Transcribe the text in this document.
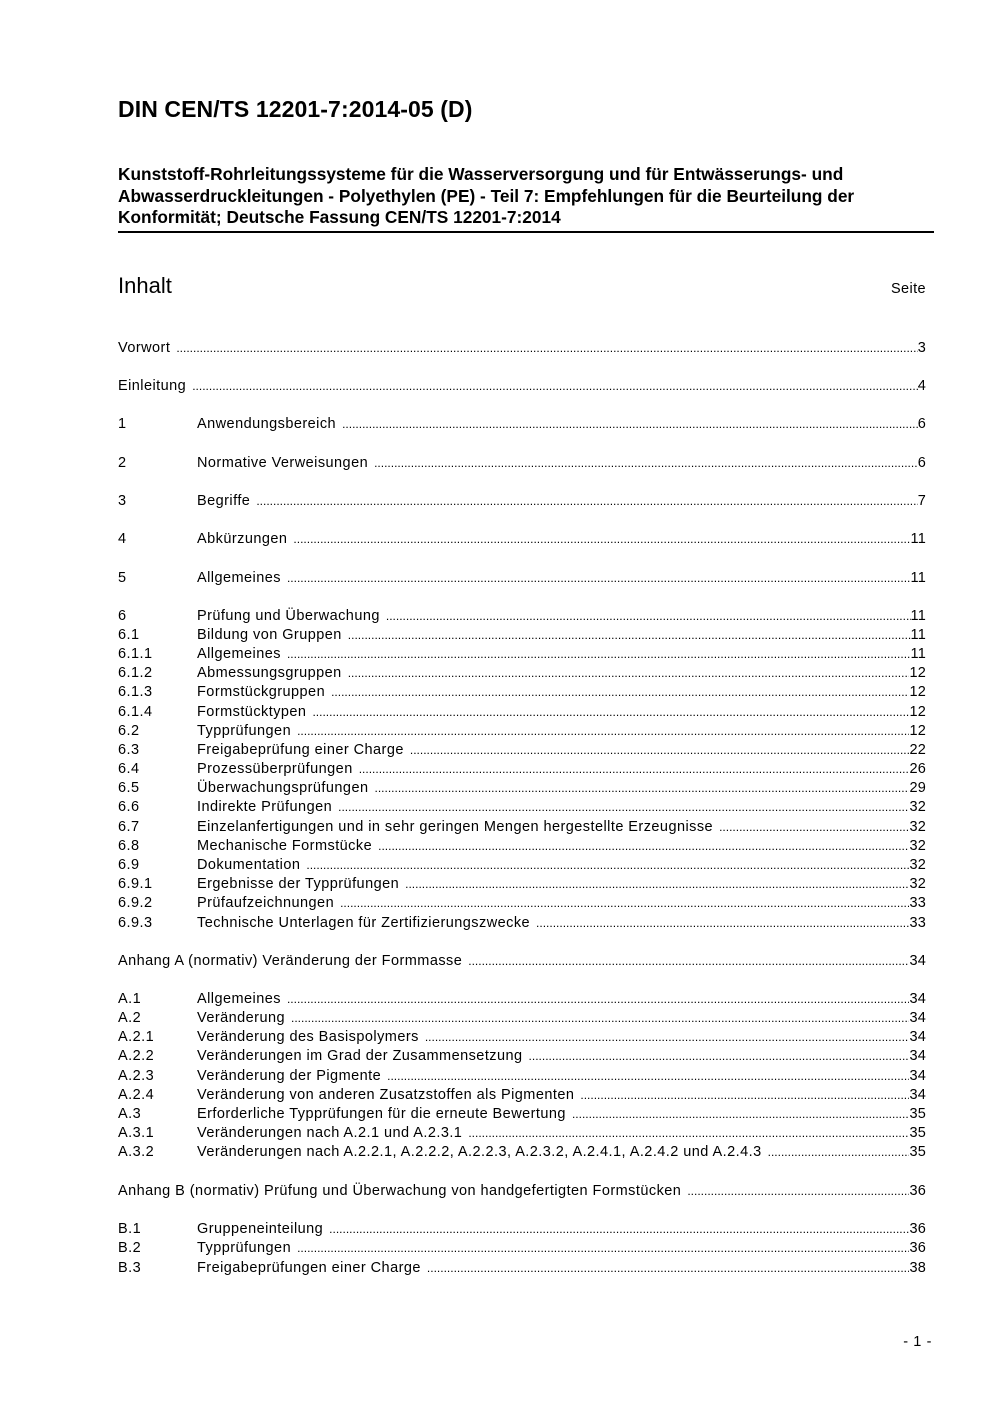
DIN CEN/TS 12201-7:2014-05 (D)
Kunststoff-Rohrleitungssysteme für die Wasserversorgung und für Entwässerungs- und Abwasserdruckleitungen - Polyethylen (PE) - Teil 7: Empfehlungen für die Beurteilung der Konformität; Deutsche Fassung CEN/TS 12201-7:2014
Inhalt	Seite
Vorwort .....	3
Einleitung .....	4
1	Anwendungsbereich .....	6
2	Normative Verweisungen .....	6
3	Begriffe .....	7
4	Abkürzungen .....	11
5	Allgemeines .....	11
6	Prüfung und Überwachung .....	11
6.1	Bildung von Gruppen .....	11
6.1.1	Allgemeines .....	11
6.1.2	Abmessungsgruppen .....	12
6.1.3	Formstückgruppen .....	12
6.1.4	Formstücktypen .....	12
6.2	Typprüfungen .....	12
6.3	Freigabeprüfung einer Charge .....	22
6.4	Prozessüberprüfungen .....	26
6.5	Überwachungsprüfungen .....	29
6.6	Indirekte Prüfungen .....	32
6.7	Einzelanfertigungen und in sehr geringen Mengen hergestellte Erzeugnisse .....	32
6.8	Mechanische Formstücke .....	32
6.9	Dokumentation .....	32
6.9.1	Ergebnisse der Typprüfungen .....	32
6.9.2	Prüfaufzeichnungen .....	33
6.9.3	Technische Unterlagen für Zertifizierungszwecke .....	33
Anhang A (normativ) Veränderung der Formmasse .....	34
A.1	Allgemeines .....	34
A.2	Veränderung .....	34
A.2.1	Veränderung des Basispolymers .....	34
A.2.2	Veränderungen im Grad der Zusammensetzung .....	34
A.2.3	Veränderung der Pigmente .....	34
A.2.4	Veränderung von anderen Zusatzstoffen als Pigmenten .....	34
A.3	Erforderliche Typprüfungen für die erneute Bewertung .....	35
A.3.1	Veränderungen nach A.2.1 und A.2.3.1 .....	35
A.3.2	Veränderungen nach A.2.2.1, A.2.2.2, A.2.2.3, A.2.3.2, A.2.4.1, A.2.4.2 und A.2.4.3 .....	35
Anhang B (normativ) Prüfung und Überwachung von handgefertigten Formstücken .....	36
B.1	Gruppeneinteilung .....	36
B.2	Typprüfungen .....	36
B.3	Freigabeprüfungen einer Charge .....	38
- 1 -
